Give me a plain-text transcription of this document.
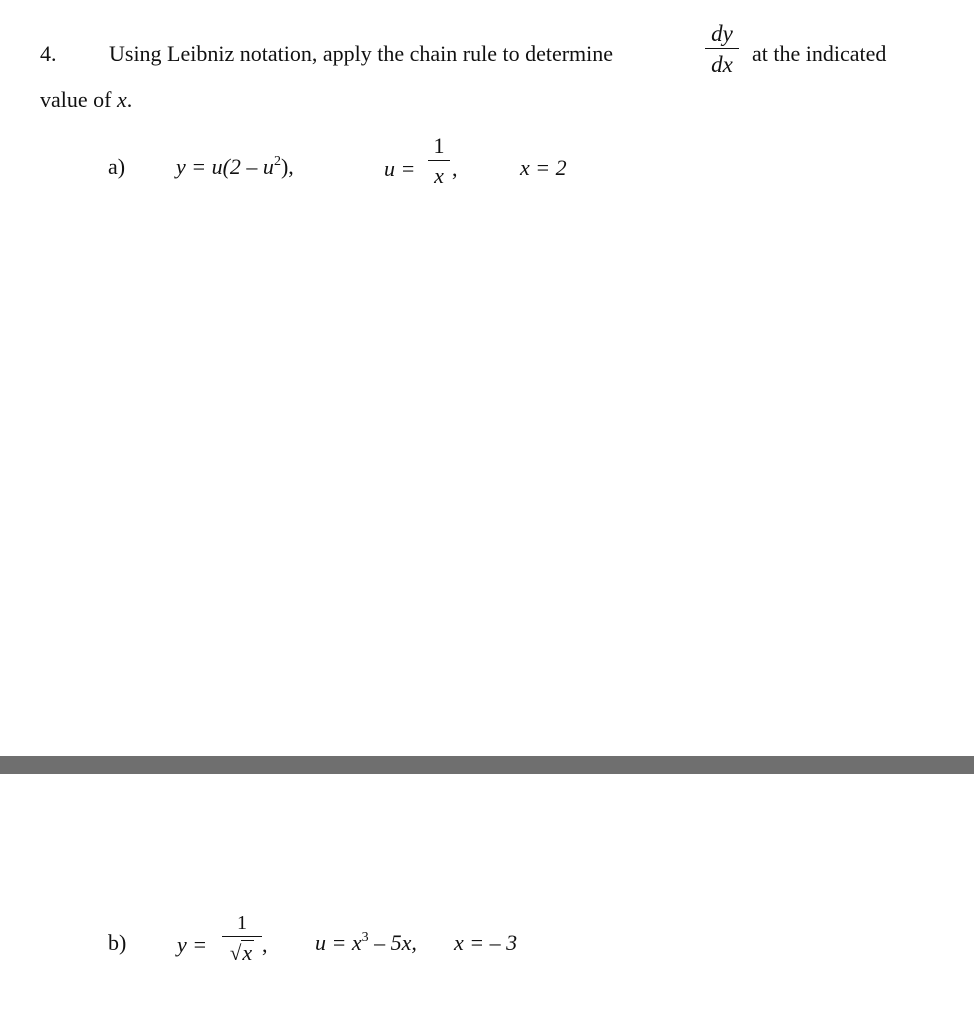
4. Using Leibniz notation, apply the chain rule to determine
dy
dx at the indicated
value of x.
a) $y = u(2 - u^2)$,	u =
1
x ,	x = 2
b) y =
1
√x , $u = x^3 - 5x$, x = – 3
